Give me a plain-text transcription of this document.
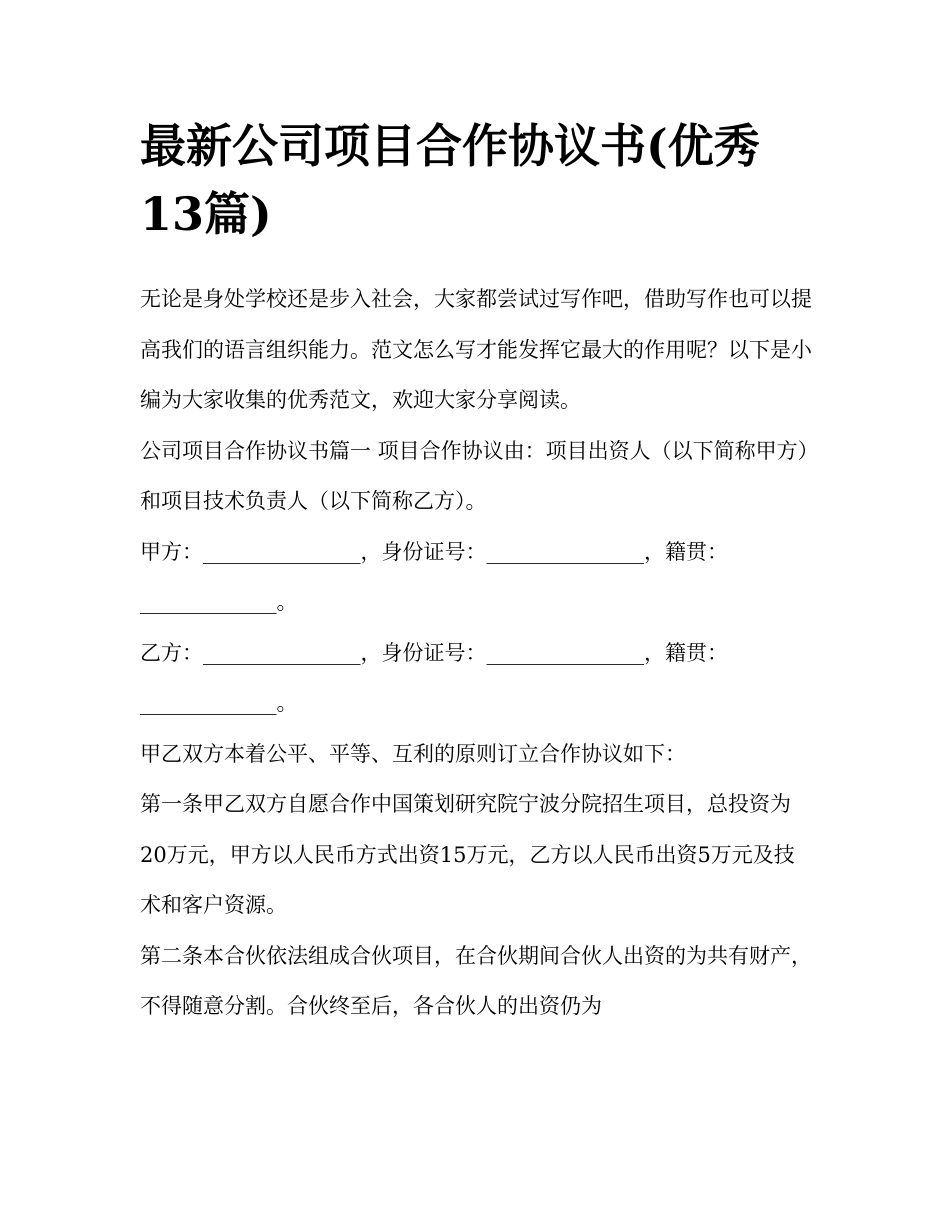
最新公司项目合作协议书(优秀13篇)

无论是身处学校还是步入社会，大家都尝试过写作吧，借助写作也可以提高我们的语言组织能力。范文怎么写才能发挥它最大的作用呢？以下是小编为大家收集的优秀范文，欢迎大家分享阅读。

公司项目合作协议书篇一 项目合作协议由：项目出资人（以下简称甲方）和项目技术负责人（以下简称乙方）。

甲方：_______________，身份证号：_______________，籍贯：_____________。

乙方：_______________，身份证号：_______________，籍贯：_____________。

甲乙双方本着公平、平等、互利的原则订立合作协议如下：

第一条甲乙双方自愿合作中国策划研究院宁波分院招生项目，总投资为20万元，甲方以人民币方式出资15万元，乙方以人民币出资5万元及技术和客户资源。

第二条本合伙依法组成合伙项目，在合伙期间合伙人出资的为共有财产，不得随意分割。合伙终至后，各合伙人的出资仍为
